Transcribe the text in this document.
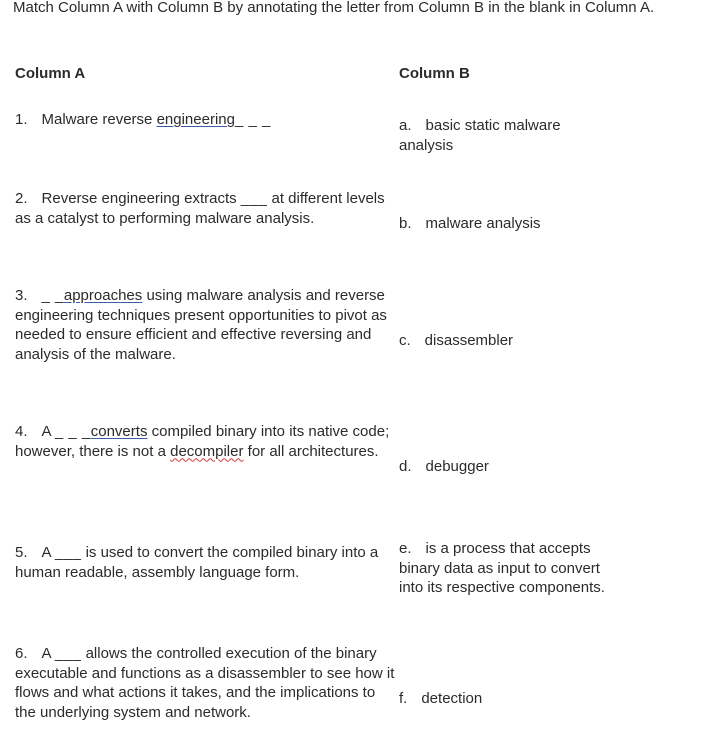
Match Column A with Column B by annotating the letter from Column B in the blank in Column A.
Column A	Column B
1. Malware reverse engineering_ _ _
2. Reverse engineering extracts ___ at different levels as a catalyst to performing malware analysis.
3. _ _approaches using malware analysis and reverse engineering techniques present opportunities to pivot as needed to ensure efficient and effective reversing and analysis of the malware.
4. A _ _ _converts compiled binary into its native code; however, there is not a decompiler for all architectures.
5. A ___ is used to convert the compiled binary into a human readable, assembly language form.
6. A ___ allows the controlled execution of the binary executable and functions as a disassembler to see how it flows and what actions it takes, and the implications to the underlying system and network.
a. basic static malware analysis
b. malware analysis
c. disassembler
d. debugger
e. is a process that accepts binary data as input to convert into its respective components.
f. detection
